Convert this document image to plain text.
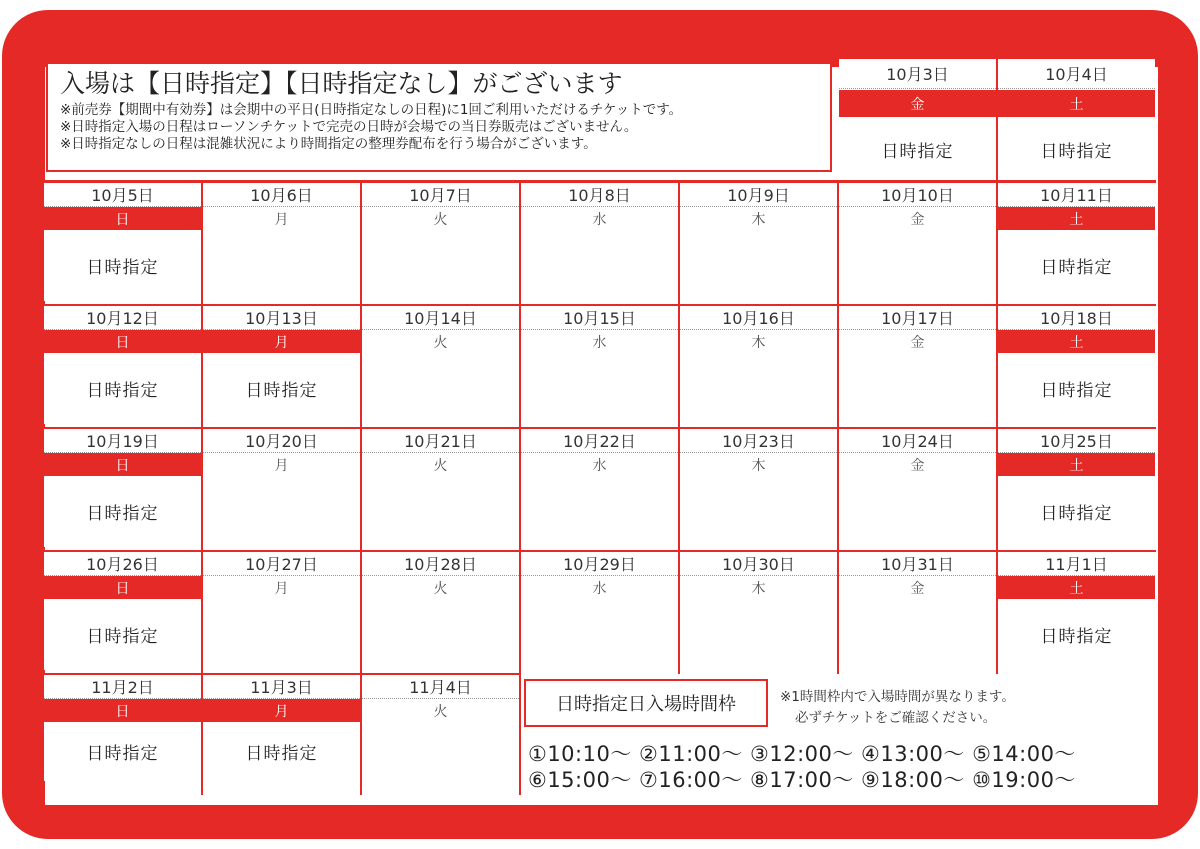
10月3日
金
日時指定
10月4日
土
日時指定
10月5日
日
日時指定
10月6日
月
10月7日
火
10月8日
水
10月9日
木
10月10日
金
10月11日
土
日時指定
10月12日
日
日時指定
10月13日
月
日時指定
10月14日
火
10月15日
水
10月16日
木
10月17日
金
10月18日
土
日時指定
10月19日
日
日時指定
10月20日
月
10月21日
火
10月22日
水
10月23日
木
10月24日
金
10月25日
土
日時指定
10月26日
日
日時指定
10月27日
月
10月28日
火
10月29日
水
10月30日
木
10月31日
金
11月1日
土
日時指定
11月2日
日
日時指定
11月3日
月
日時指定
11月4日
火
入場は【日時指定】【日時指定なし】がございます
※前売券【期間中有効券】は会期中の平日(日時指定なしの日程)に1回ご利用いただけるチケットです。
※日時指定入場の日程はローソンチケットで完売の日時が会場での当日券販売はございません。
※日時指定なしの日程は混雑状況により時間指定の整理券配布を行う場合がございます。
日時指定日入場時間枠	※1時間枠内で入場時間が異なります。
必ずチケットをご確認ください。
①10:10～ ②11:00～ ③12:00～ ④13:00～ ⑤14:00～
⑥15:00～ ⑦16:00～ ⑧17:00～ ⑨18:00～ ⑩19:00～
